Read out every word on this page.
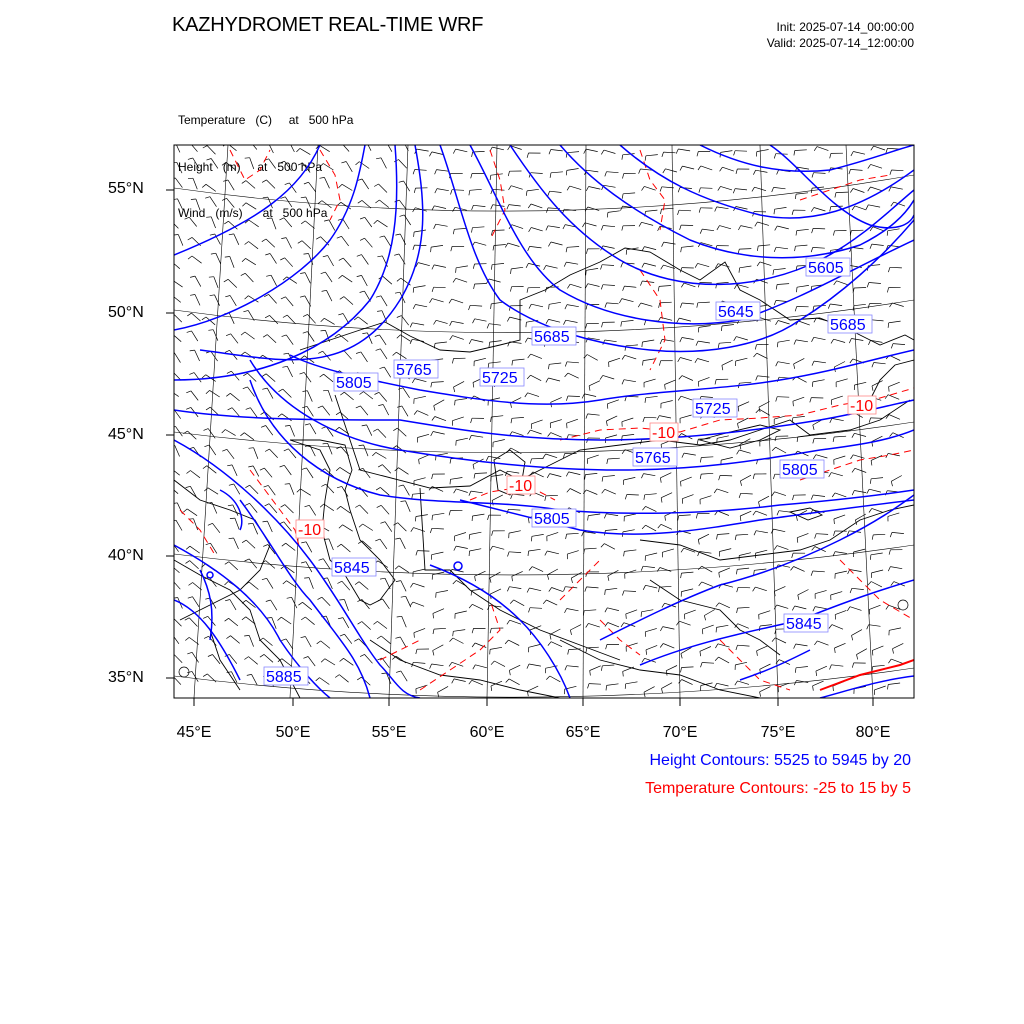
KAZHYDROMET REAL-TIME WRF	Init: 2025-07-14_00:00:00
Valid: 2025-07-14_12:00:00

Temperature   (C)     at   500 hPa

Height   (m)     at   500 hPa

Wind   (m/s)      at   500 hPa

5605
5645
5685
5685
5725
5725
5765
5765
5805
5805
5805
5845
5845
5885
-10
-10
-10
-10
55°N
50°N
45°N
40°N
35°N
45°E	50°E	55°E	60°E	65°E	70°E	75°E	80°E
Height Contours: 5525 to 5945 by 20
Temperature Contours: -25 to 15 by 5
